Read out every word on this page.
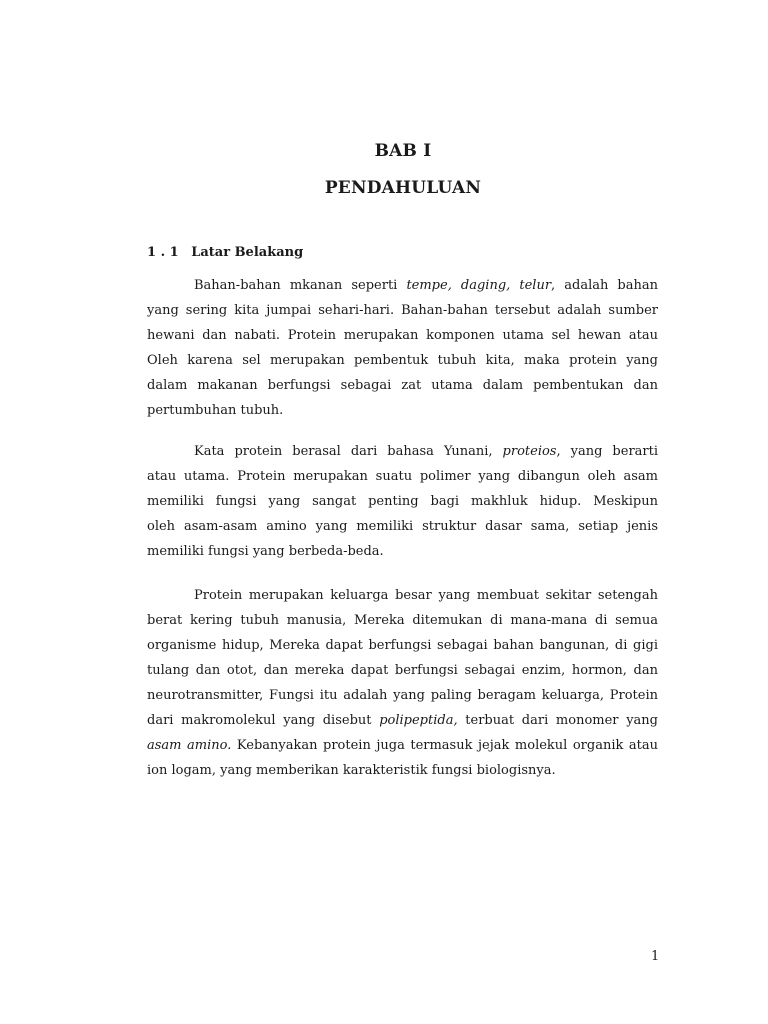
BAB I
PENDAHULUAN
1 . 1 Latar Belakang
Bahan-bahan mkanan seperti tempe, daging, telur, adalah bahan
yang sering kita jumpai sehari-hari. Bahan-bahan tersebut adalah sumber
hewani dan nabati. Protein merupakan komponen utama sel hewan atau
Oleh karena sel merupakan pembentuk tubuh kita, maka protein yang
dalam makanan berfungsi sebagai zat utama dalam pembentukan dan
pertumbuhan tubuh.
Kata protein berasal dari bahasa Yunani, proteios, yang berarti
atau utama. Protein merupakan suatu polimer yang dibangun oleh asam
memiliki fungsi yang sangat penting bagi makhluk hidup. Meskipun
oleh asam-asam amino yang memiliki struktur dasar sama, setiap jenis
memiliki fungsi yang berbeda-beda.
Protein merupakan keluarga besar yang membuat sekitar setengah
berat kering tubuh manusia, Mereka ditemukan di mana-mana di semua
organisme hidup, Mereka dapat berfungsi sebagai bahan bangunan, di gigi
tulang dan otot, dan mereka dapat berfungsi sebagai enzim, hormon, dan
neurotransmitter, Fungsi itu adalah yang paling beragam keluarga, Protein
dari makromolekul yang disebut polipeptida, terbuat dari monomer yang
asam amino. Kebanyakan protein juga termasuk jejak molekul organik atau
ion logam, yang memberikan karakteristik fungsi biologisnya.
1
